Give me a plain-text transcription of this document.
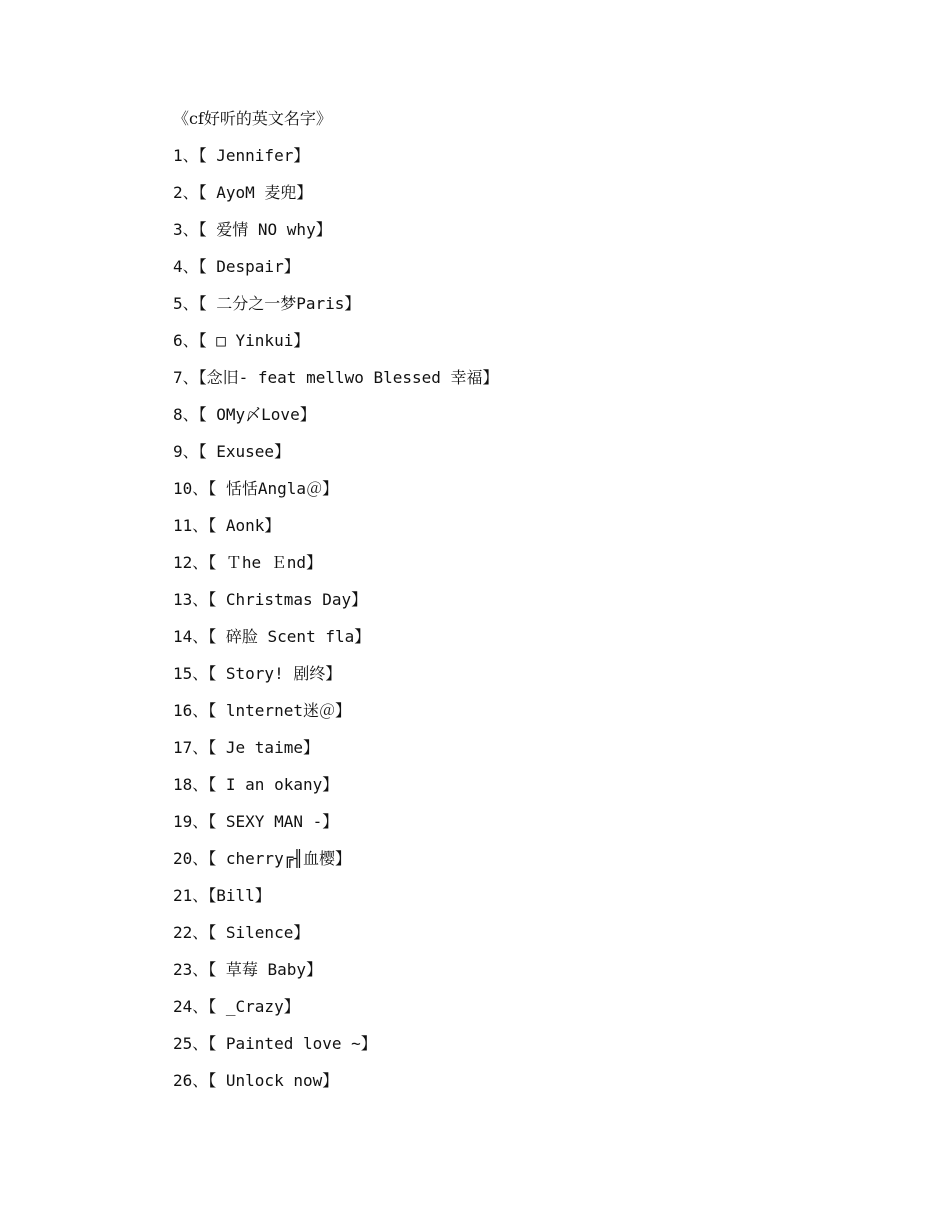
《cf好听的英文名字》
1、【 Jennifer】
2、【 AyoM 麦兜】
3、【 爱情 NO why】
4、【 Despair】
5、【 二分之一梦Paris】
6、【 □ Yinkui】
7、【念旧- feat mellwo Blessed 幸福】
8、【 OMy〆Love】
9、【 Exusee】
10、【 恬恬Angla＠】
11、【 Aonk】
12、【 Ｔhe Ｅnd】
13、【 Christmas Day】
14、【 碎脸 Scent fla】
15、【 Story! 剧终】
16、【 lnternet迷＠】
17、【 Je taime】
18、【 I an okany】
19、【 SEXY MAN -】
20、【 cherry╔╢血樱】
21、【Bill】
22、【 Silence】
23、【 草莓 Baby】
24、【 _Crazy】
25、【 Painted love ~】
26、【 Unlock now】
